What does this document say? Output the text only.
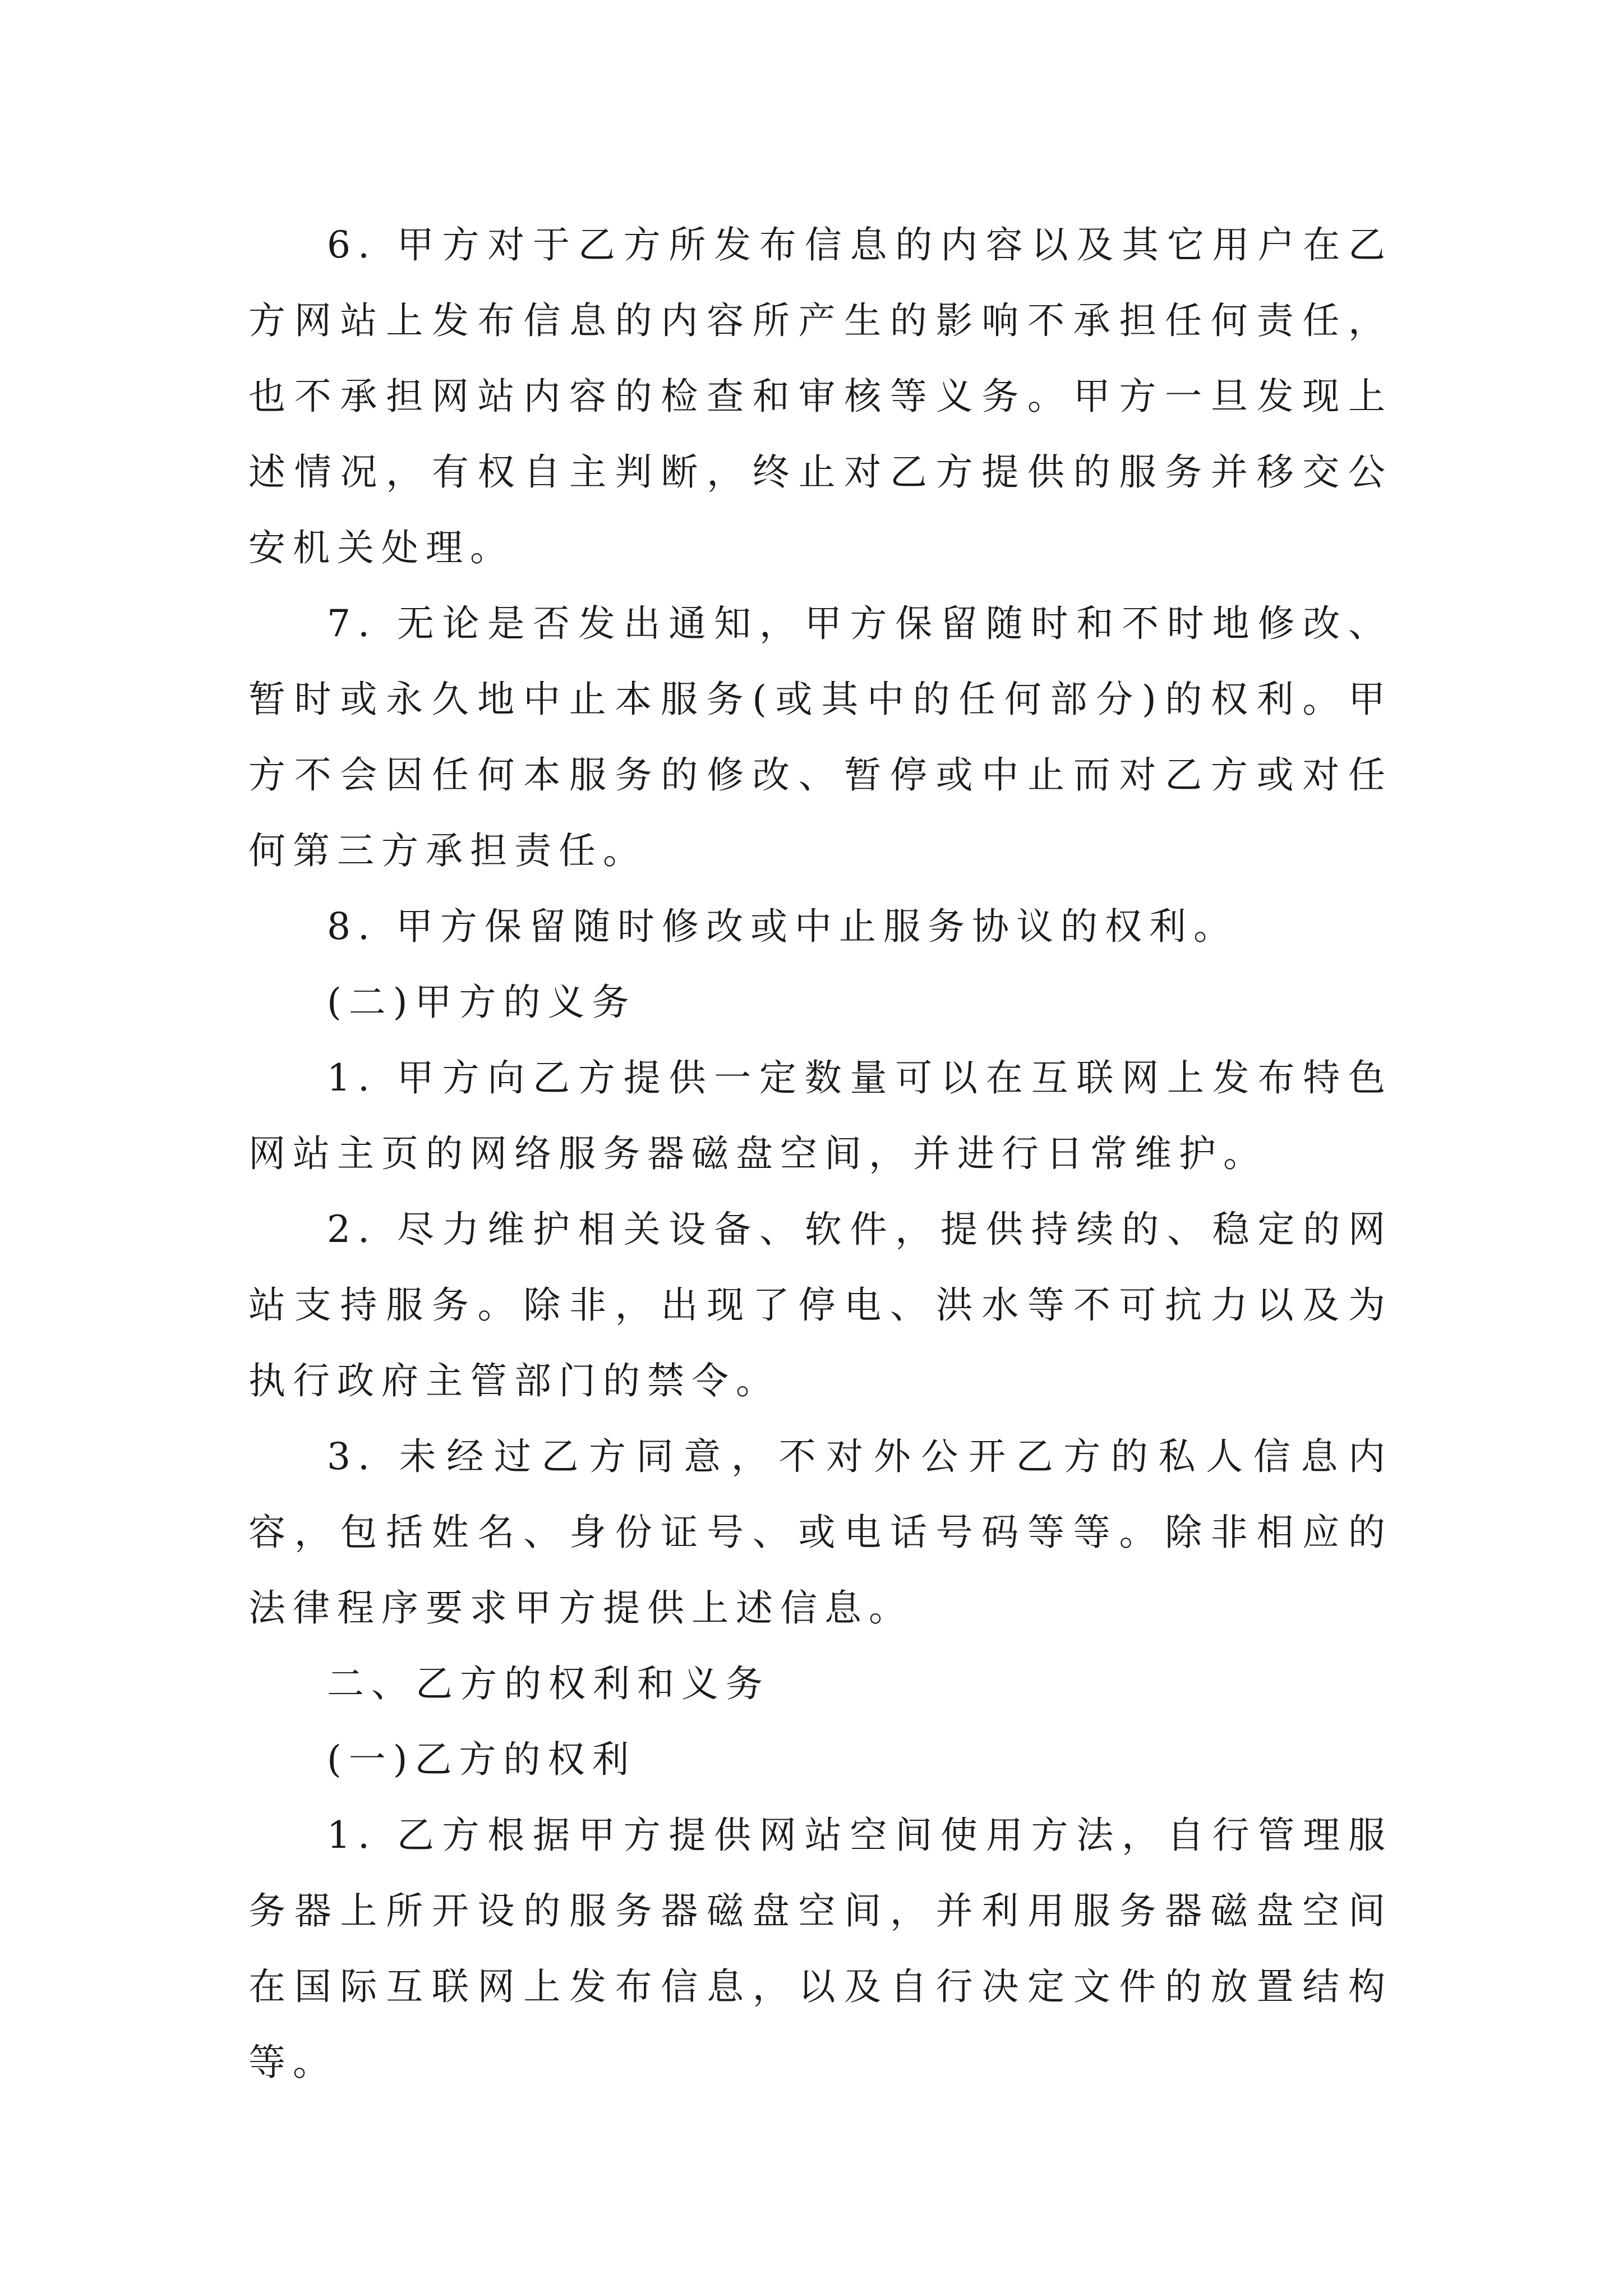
6. 甲方对于乙方所发布信息的内容以及其它用户在乙方网站上发布信息的内容所产生的影响不承担任何责任，也不承担网站内容的检查和审核等义务。甲方一旦发现上述情况，有权自主判断，终止对乙方提供的服务并移交公安机关处理。

7. 无论是否发出通知，甲方保留随时和不时地修改、暂时或永久地中止本服务(或其中的任何部分)的权利。甲方不会因任何本服务的修改、暂停或中止而对乙方或对任何第三方承担责任。

8. 甲方保留随时修改或中止服务协议的权利。

(二)甲方的义务

1. 甲方向乙方提供一定数量可以在互联网上发布特色网站主页的网络服务器磁盘空间，并进行日常维护。

2. 尽力维护相关设备、软件，提供持续的、稳定的网站支持服务。除非，出现了停电、洪水等不可抗力以及为执行政府主管部门的禁令。

3. 未经过乙方同意，不对外公开乙方的私人信息内容，包括姓名、身份证号、或电话号码等等。除非相应的法律程序要求甲方提供上述信息。

二、乙方的权利和义务

(一)乙方的权利

1. 乙方根据甲方提供网站空间使用方法，自行管理服务器上所开设的服务器磁盘空间，并利用服务器磁盘空间在国际互联网上发布信息，以及自行决定文件的放置结构等。
